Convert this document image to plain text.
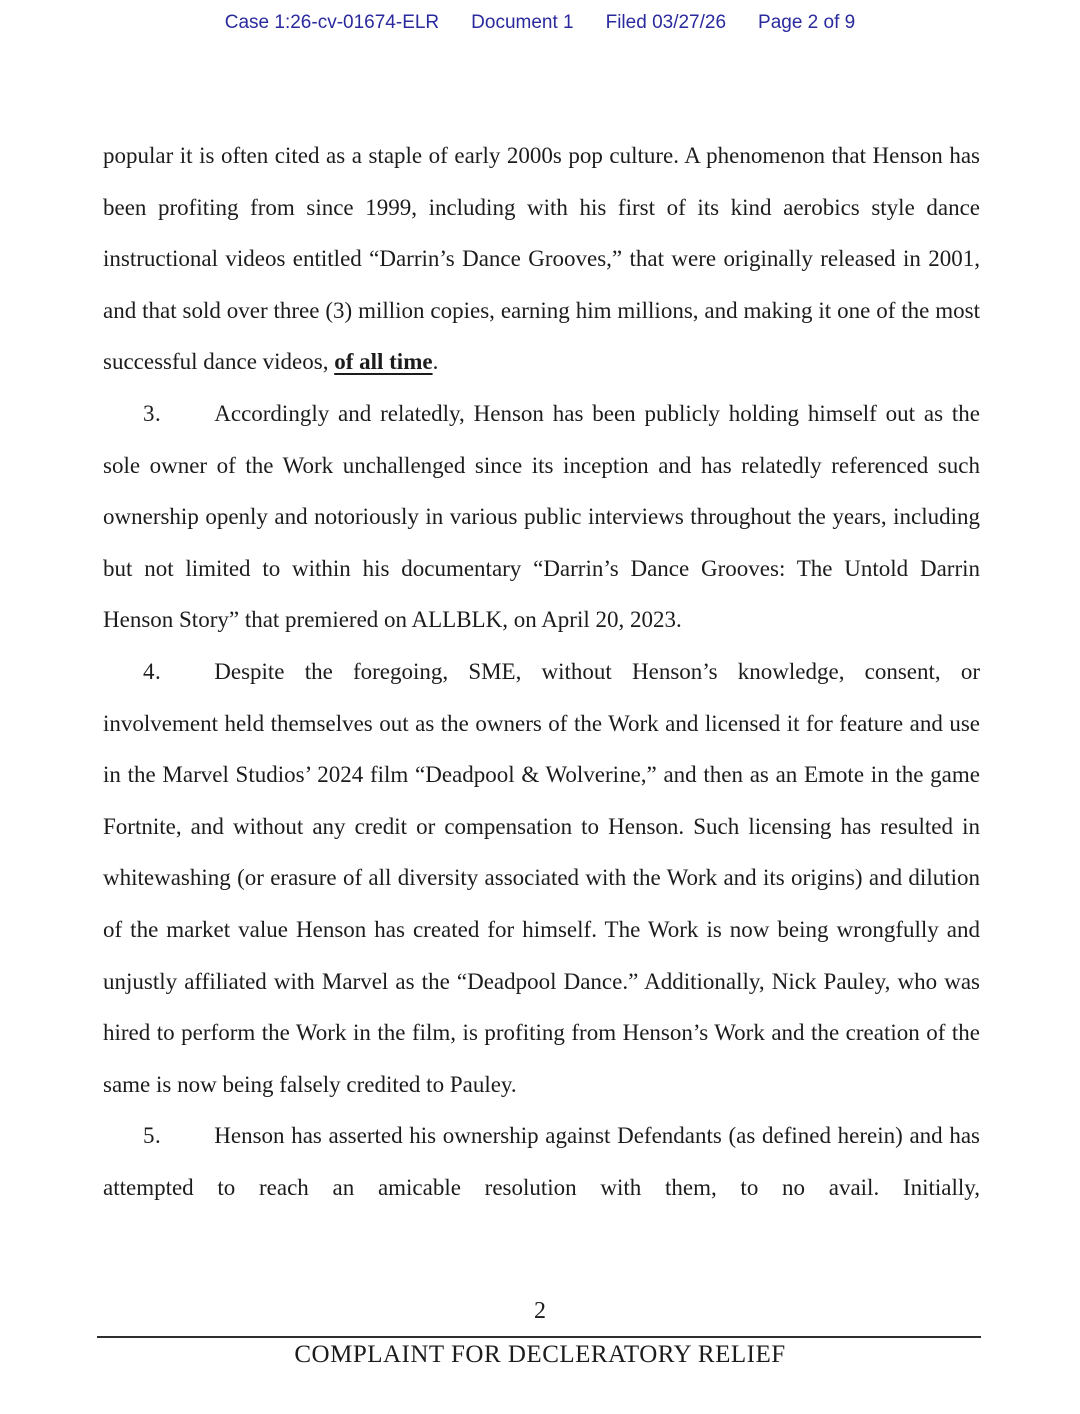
Case 1:26-cv-01674-ELR Document 1 Filed 03/27/26 Page 2 of 9

popular it is often cited as a staple of early 2000s pop culture. A phenomenon that Henson has been profiting from since 1999, including with his first of its kind aerobics style dance instructional videos entitled “Darrin’s Dance Grooves,” that were originally released in 2001, and that sold over three (3) million copies, earning him millions, and making it one of the most successful dance videos, of all time.

3. Accordingly and relatedly, Henson has been publicly holding himself out as the sole owner of the Work unchallenged since its inception and has relatedly referenced such ownership openly and notoriously in various public interviews throughout the years, including but not limited to within his documentary “Darrin’s Dance Grooves: The Untold Darrin Henson Story” that premiered on ALLBLK, on April 20, 2023.

4. Despite the foregoing, SME, without Henson’s knowledge, consent, or involvement held themselves out as the owners of the Work and licensed it for feature and use in the Marvel Studios’ 2024 film “Deadpool & Wolverine,” and then as an Emote in the game Fortnite, and without any credit or compensation to Henson. Such licensing has resulted in whitewashing (or erasure of all diversity associated with the Work and its origins) and dilution of the market value Henson has created for himself. The Work is now being wrongfully and unjustly affiliated with Marvel as the “Deadpool Dance.” Additionally, Nick Pauley, who was hired to perform the Work in the film, is profiting from Henson’s Work and the creation of the same is now being falsely credited to Pauley.

5. Henson has asserted his ownership against Defendants (as defined herein) and has attempted to reach an amicable resolution with them, to no avail. Initially,

2
COMPLAINT FOR DECLERATORY RELIEF
